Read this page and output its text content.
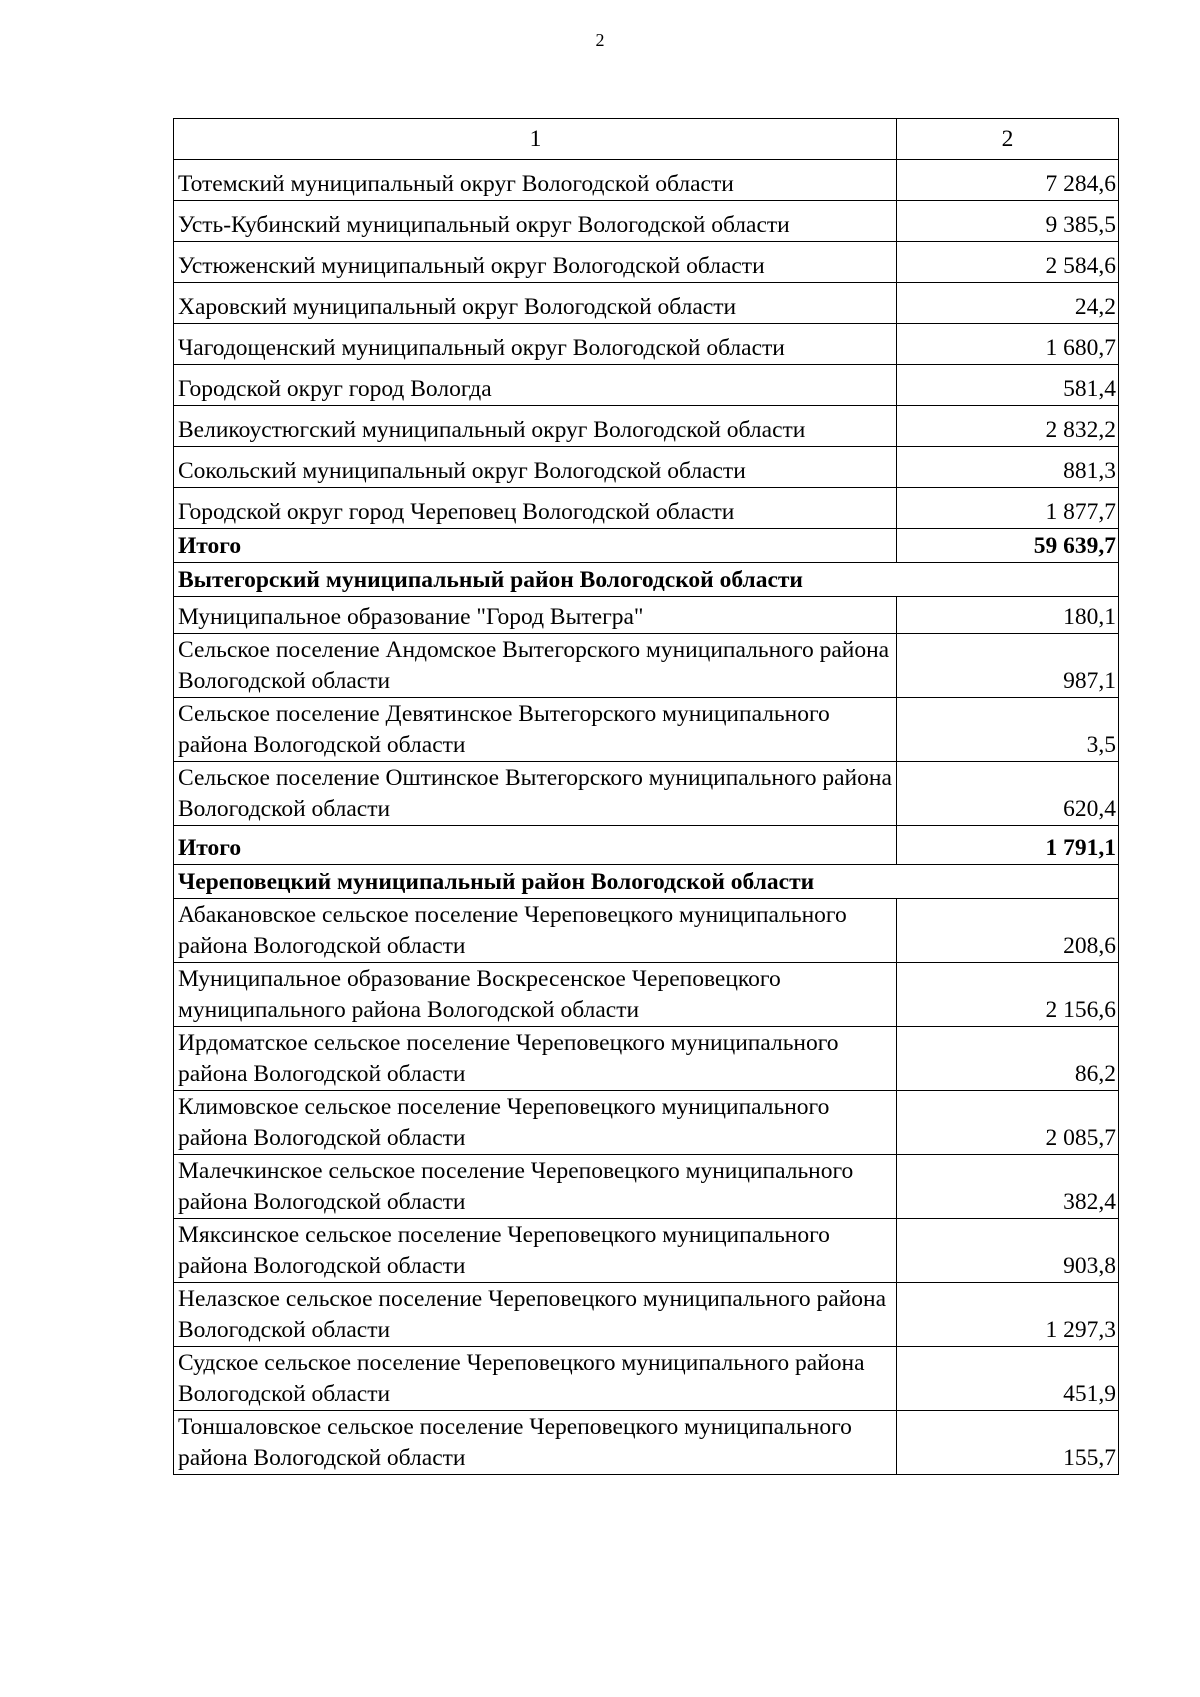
2
1	2
Тотемский муниципальный округ Вологодской области	7 284,6
Усть-Кубинский муниципальный округ Вологодской области	9 385,5
Устюженский муниципальный округ Вологодской области	2 584,6
Харовский муниципальный округ Вологодской области	24,2
Чагодощенский муниципальный округ Вологодской области	1 680,7
Городской округ город Вологда	581,4
Великоустюгский муниципальный округ Вологодской области	2 832,2
Сокольский муниципальный округ Вологодской области	881,3
Городской округ город Череповец Вологодской области	1 877,7
Итого	59 639,7
Вытегорский муниципальный район Вологодской области	
Муниципальное образование "Город Вытегра"	180,1
Сельское поселение Андомское Вытегорского муниципального района Вологодской области	987,1
Сельское поселение Девятинское Вытегорского муниципального района Вологодской области	3,5
Сельское поселение Оштинское Вытегорского муниципального района Вологодской области	620,4
Итого	1 791,1
Череповецкий муниципальный район Вологодской области	
Абакановское сельское поселение Череповецкого муниципального района Вологодской области	208,6
Муниципальное образование Воскресенское Череповецкого муниципального района Вологодской области	2 156,6
Ирдоматское сельское поселение Череповецкого муниципального района Вологодской области	86,2
Климовское сельское поселение Череповецкого муниципального района Вологодской области	2 085,7
Малечкинское сельское поселение Череповецкого муниципального района Вологодской области	382,4
Мяксинское сельское поселение Череповецкого муниципального района Вологодской области	903,8
Нелазское сельское поселение Череповецкого муниципального района Вологодской области	1 297,3
Судское сельское поселение Череповецкого муниципального района Вологодской области	451,9
Тоншаловское сельское поселение Череповецкого муниципального района Вологодской области	155,7
